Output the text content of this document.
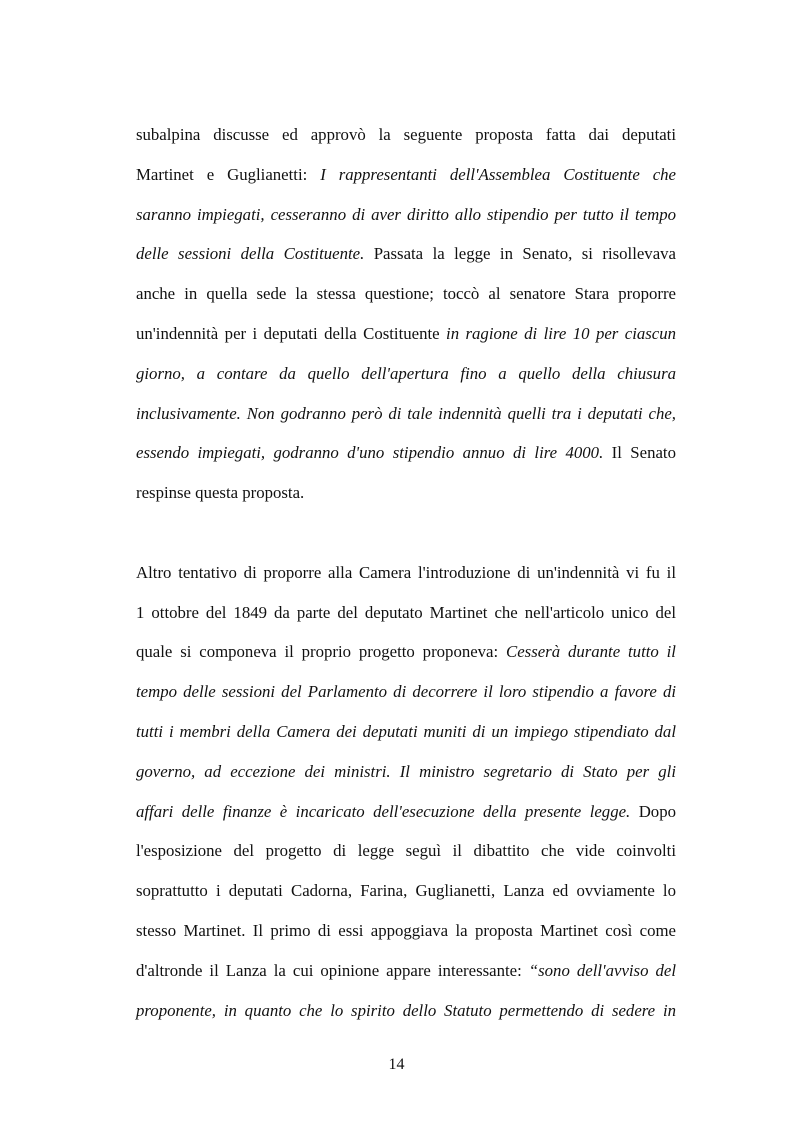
subalpina discusse ed approvò la seguente proposta fatta dai deputati
Martinet e Guglianetti: I rappresentanti dell'Assemblea Costituente che
saranno impiegati, cesseranno di aver diritto allo stipendio per tutto il tempo
delle sessioni della Costituente. Passata la legge in Senato, si risollevava
anche in quella sede la stessa questione; toccò al senatore Stara proporre
un'indennità per i deputati della Costituente in ragione di lire 10 per ciascun
giorno, a contare da quello dell'apertura fino a quello della chiusura
inclusivamente. Non godranno però di tale indennità quelli tra i deputati che,
essendo impiegati, godranno d'uno stipendio annuo di lire 4000. Il Senato
respinse questa proposta.
Altro tentativo di proporre alla Camera l'introduzione di un'indennità vi fu il
1 ottobre del 1849 da parte del deputato Martinet che nell'articolo unico del
quale si componeva il proprio progetto proponeva: Cesserà durante tutto il
tempo delle sessioni del Parlamento di decorrere il loro stipendio a favore di
tutti i membri della Camera dei deputati muniti di un impiego stipendiato dal
governo, ad eccezione dei ministri. Il ministro segretario di Stato per gli
affari delle finanze è incaricato dell'esecuzione della presente legge. Dopo
l'esposizione del progetto di legge seguì il dibattito che vide coinvolti
soprattutto i deputati Cadorna, Farina, Guglianetti, Lanza ed ovviamente lo
stesso Martinet. Il primo di essi appoggiava la proposta Martinet così come
d'altronde il Lanza la cui opinione appare interessante: “sono dell'avviso del
proponente, in quanto che lo spirito dello Statuto permettendo di sedere in
14
